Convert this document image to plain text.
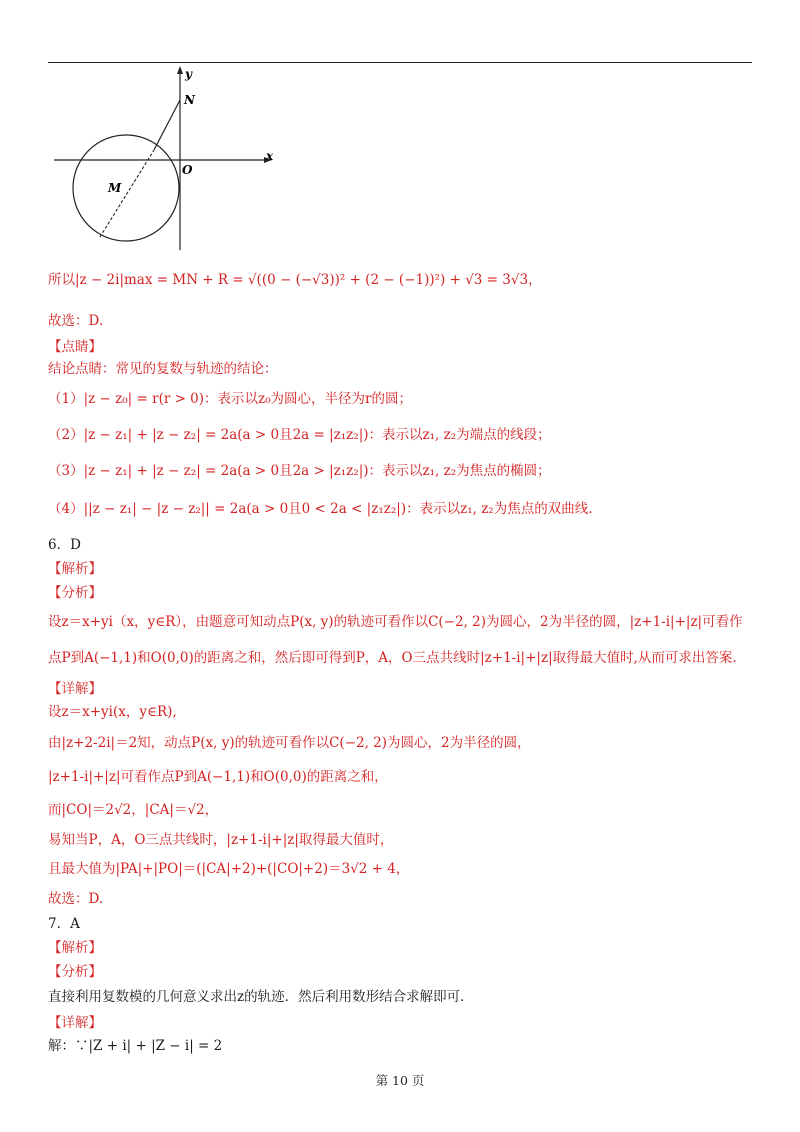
y
N
x
O
M
所以|z − 2i|max = MN + R = √((0 − (−√3))² + (2 − (−1))²) + √3 = 3√3，
故选：D.
【点睛】
结论点睛：常见的复数与轨迹的结论：
（1）|z − z₀| = r(r > 0)：表示以z₀为圆心，半径为r的圆；
（2）|z − z₁| + |z − z₂| = 2a(a > 0且2a = |z₁z₂|)：表示以z₁, z₂为端点的线段；
（3）|z − z₁| + |z − z₂| = 2a(a > 0且2a > |z₁z₂|)：表示以z₁, z₂为焦点的椭圆；
（4）||z − z₁| − |z − z₂|| = 2a(a > 0且0 < 2a < |z₁z₂|)：表示以z₁, z₂为焦点的双曲线.
6．D
【解析】
【分析】
设z＝x+yi（x，y∈R），由题意可知动点P(x, y)的轨迹可看作以C(−2, 2)为圆心，2为半径的圆，|z+1-i|+|z|可看作
点P到A(−1,1)和O(0,0)的距离之和，然后即可得到P，A，O三点共线时|z+1-i|+|z|取得最大值时,从而可求出答案.
【详解】
设z＝x+yi(x，y∈R),
由|z+2-2i|＝2知，动点P(x, y)的轨迹可看作以C(−2, 2)为圆心，2为半径的圆，
|z+1-i|+|z|可看作点P到A(−1,1)和O(0,0)的距离之和，
而|CO|＝2√2，|CA|＝√2，
易知当P，A，O三点共线时，|z+1-i|+|z|取得最大值时，
且最大值为|PA|+|PO|＝(|CA|+2)+(|CO|+2)＝3√2 + 4，
故选：D.
7．A
【解析】
【分析】
直接利用复数模的几何意义求出z的轨迹．然后利用数形结合求解即可．
【详解】
解：∵|Z + i| + |Z − i| = 2
第 10 页
